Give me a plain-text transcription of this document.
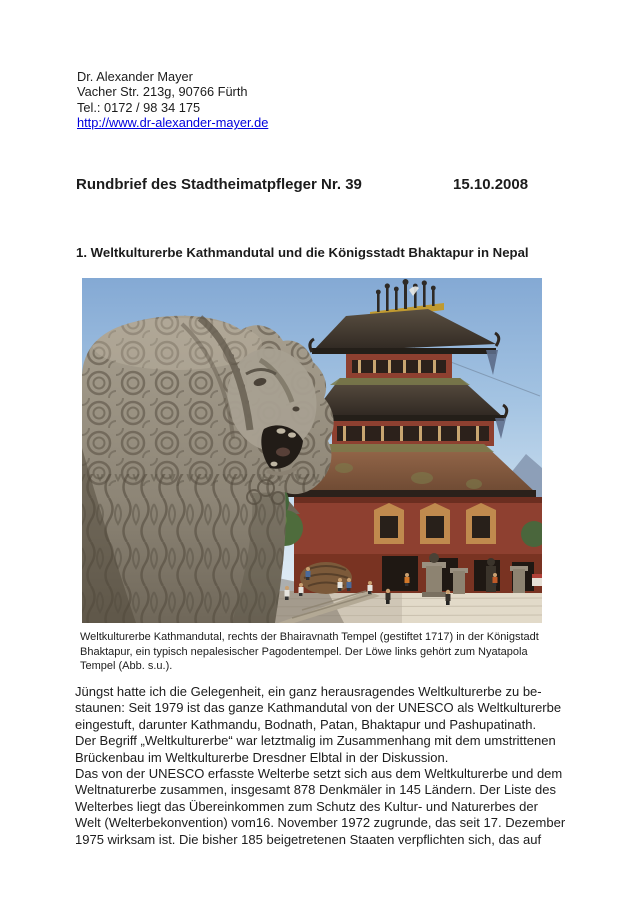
Dr. Alexander Mayer
Vacher Str. 213g, 90766 Fürth
Tel.: 0172 / 98 34 175
http://www.dr-alexander-mayer.de
Rundbrief des Stadtheimatpfleger Nr. 39	15.10.2008
1. Weltkulturerbe Kathmandutal und die Königsstadt Bhaktapur in Nepal
Weltkulturerbe Kathmandutal, rechts der Bhairavnath Tempel (gestiftet 1717) in der Königstadt
Bhaktapur, ein typisch nepalesischer Pagodentempel. Der Löwe links gehört zum Nyatapola
Tempel (Abb. s.u.).
Jüngst hatte ich die Gelegenheit, ein ganz herausragendes Weltkulturerbe zu be-
staunen: Seit 1979 ist das ganze Kathmandutal von der UNESCO als Weltkulturerbe
eingestuft, darunter Kathmandu, Bodnath, Patan, Bhaktapur und Pashupatinath.
Der Begriff „Weltkulturerbe“ war letztmalig im Zusammenhang mit dem umstrittenen
Brückenbau im Weltkulturerbe Dresdner Elbtal in der Diskussion.
Das von der UNESCO erfasste Welterbe setzt sich aus dem Weltkulturerbe und dem
Weltnaturerbe zusammen, insgesamt 878 Denkmäler in 145 Ländern. Der Liste des
Welterbes liegt das Übereinkommen zum Schutz des Kultur- und Naturerbes der
Welt (Welterbekonvention) vom16. November 1972 zugrunde, das seit 17. Dezember
1975 wirksam ist. Die bisher 185 beigetretenen Staaten verpflichten sich, das auf
